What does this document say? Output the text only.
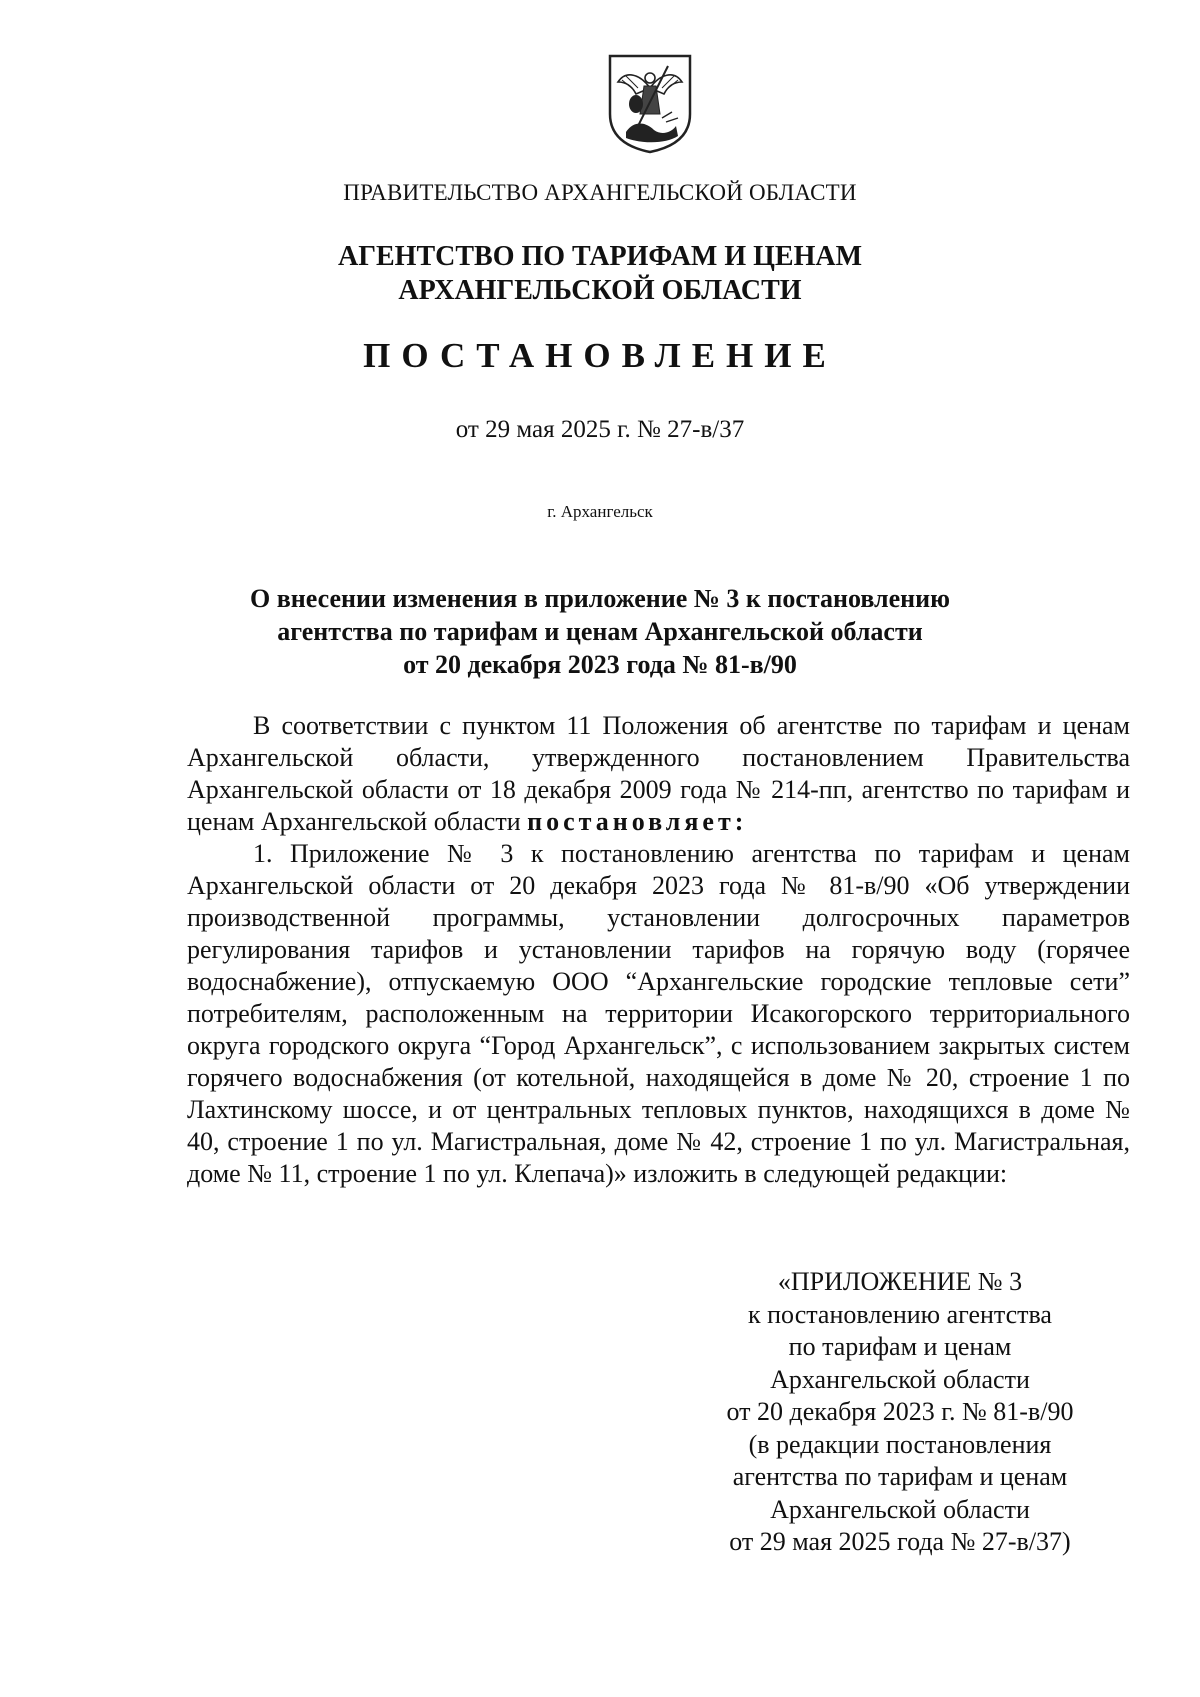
ПРАВИТЕЛЬСТВО АРХАНГЕЛЬСКОЙ ОБЛАСТИ
АГЕНТСТВО ПО ТАРИФАМ И ЦЕНАМ
АРХАНГЕЛЬСКОЙ ОБЛАСТИ
ПОСТАНОВЛЕНИЕ
от 29 мая 2025 г. № 27-в/37
г. Архангельск
О внесении изменения в приложение № 3 к постановлению
агентства по тарифам и ценам Архангельской области
от 20 декабря 2023 года № 81-в/90

В соответствии с пунктом 11 Положения об агентстве по тарифам и ценам Архангельской области, утвержденного постановлением Правительства Архангельской области от 18 декабря 2009 года № 214-пп, агентство по тарифам и ценам Архангельской области постановляет:

1. Приложение № 3 к постановлению агентства по тарифам и ценам Архангельской области от 20 декабря 2023 года № 81-в/90 «Об утверждении производственной программы, установлении долгосрочных параметров регулирования тарифов и установлении тарифов на горячую воду (горячее водоснабжение), отпускаемую ООО “Архангельские городские тепловые сети” потребителям, расположенным на территории Исакогорского территориального округа городского округа “Город Архангельск”, с использованием закрытых систем горячего водоснабжения (от котельной, находящейся в доме № 20, строение 1 по Лахтинскому шоссе, и от центральных тепловых пунктов, находящихся в доме № 40, строение 1 по ул. Магистральная, доме № 42, строение 1 по ул. Магистральная, доме № 11, строение 1 по ул. Клепача)» изложить в следующей редакции:

«ПРИЛОЖЕНИЕ № 3
к постановлению агентства
по тарифам и ценам
Архангельской области
от 20 декабря 2023 г. № 81-в/90
(в редакции постановления
агентства по тарифам и ценам
Архангельской области
от 29 мая 2025 года № 27-в/37)
